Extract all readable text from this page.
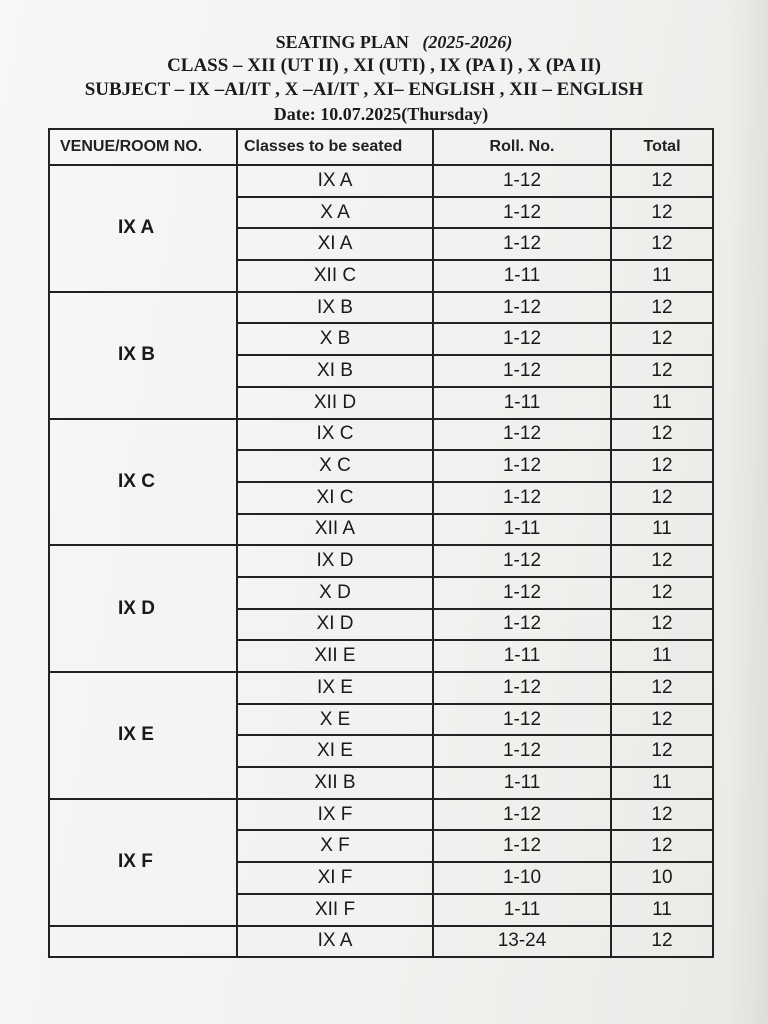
SEATING PLAN (2025-2026)
CLASS – XII (UT II) , XI (UTI) , IX (PA I) , X (PA II)
SUBJECT – IX –AI/IT , X –AI/IT , XI– ENGLISH , XII – ENGLISH
Date: 10.07.2025(Thursday)
VENUE/ROOM NO.	Classes to be seated	Roll. No.	Total
IX A	IX A	1-12	12
	X A	1-12	12
	XI A	1-12	12
	XII C	1-11	11
IX B	IX B	1-12	12
	X B	1-12	12
	XI B	1-12	12
	XII D	1-11	11
IX C	IX C	1-12	12
	X C	1-12	12
	XI C	1-12	12
	XII A	1-11	11
IX D	IX D	1-12	12
	X D	1-12	12
	XI D	1-12	12
	XII E	1-11	11
IX E	IX E	1-12	12
	X E	1-12	12
	XI E	1-12	12
	XII B	1-11	11
IX F	IX F	1-12	12
	X F	1-12	12
	XI F	1-10	10
	XII F	1-11	11
	IX A	13-24	12
